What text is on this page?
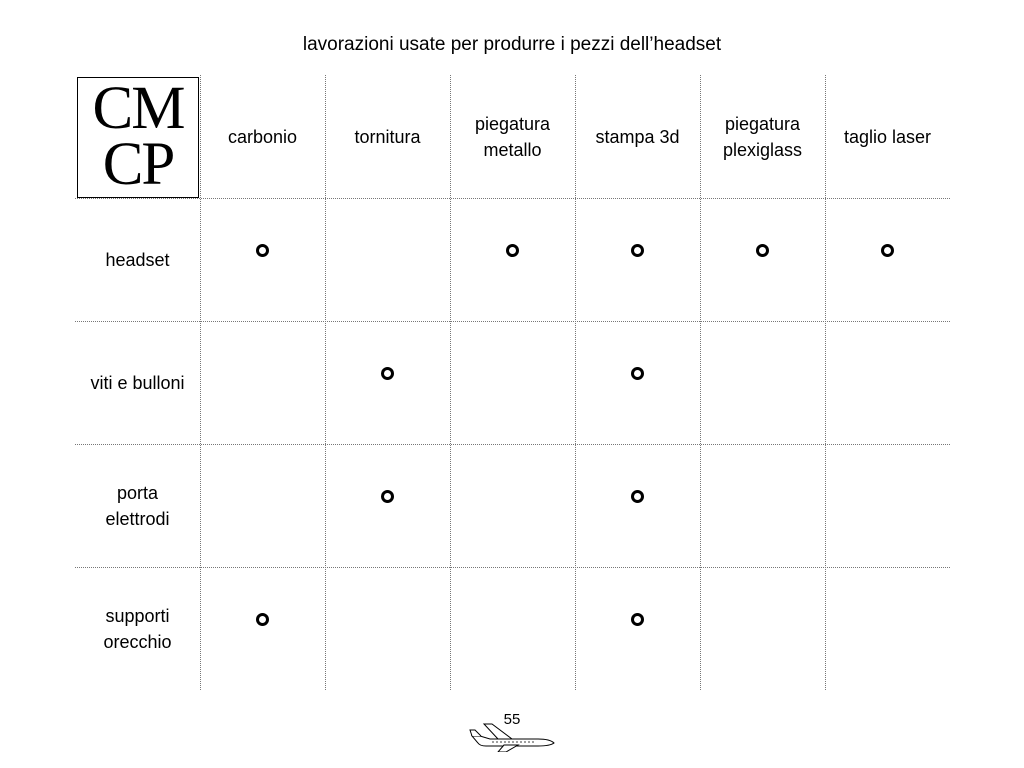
lavorazioni usate per produrre i pezzi dell’headset
CM
CP	carbonio	tornitura
piegatura
metallo
stampa 3d
piegatura
plexiglass
taglio laser
headset
viti e bulloni
porta
elettrodi
supporti
orecchio
55
